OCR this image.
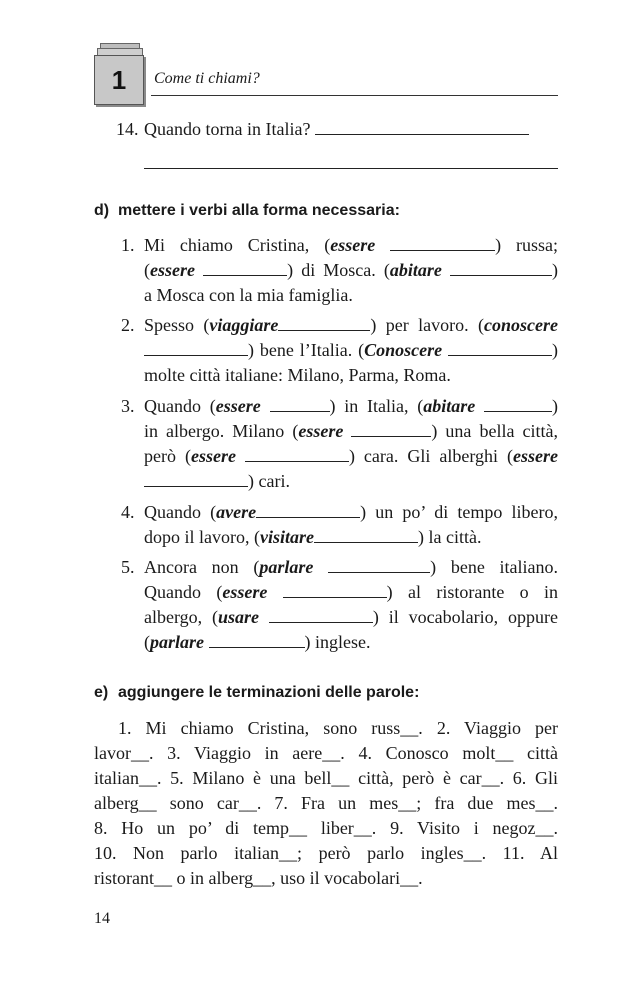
1	Come ti chiami?
14. Quando torna in Italia?
d) mettere i verbi alla forma necessaria:
1. Mi chiamo Cristina, (essere	) russa;
(essere	) di Mosca. (abitare	)
a Mosca con la mia famiglia.
2. Spesso (viaggiare	) per lavoro. (conoscere
) bene l’Italia. (Conoscere	)
molte città italiane: Milano, Parma, Roma.
3. Quando (essere	) in Italia, (abitare	)
in albergo. Milano (essere	) una bella città,
però (essere	) cara. Gli alberghi (essere
) cari.
4. Quando (avere	) un po’ di tempo libero,
dopo il lavoro, (visitare	) la città.
5. Ancora non (parlare	) bene italiano.
Quando (essere	) al ristorante o in
albergo, (usare	) il vocabolario, oppure
(parlare	) inglese.
e) aggiungere le terminazioni delle parole:
1. Mi chiamo Cristina, sono russ__. 2. Viaggio per
lavor__. 3. Viaggio in aere__. 4. Conosco molt__ città
italian__. 5. Milano è una bell__ città, però è car__. 6. Gli
alberg__ sono car__. 7. Fra un mes__; fra due mes__.
8. Ho un po’ di temp__ liber__. 9. Visito i negoz__.
10. Non parlo italian__; però parlo ingles__. 11. Al
ristorant__ o in alberg__, uso il vocabolari__.
14
